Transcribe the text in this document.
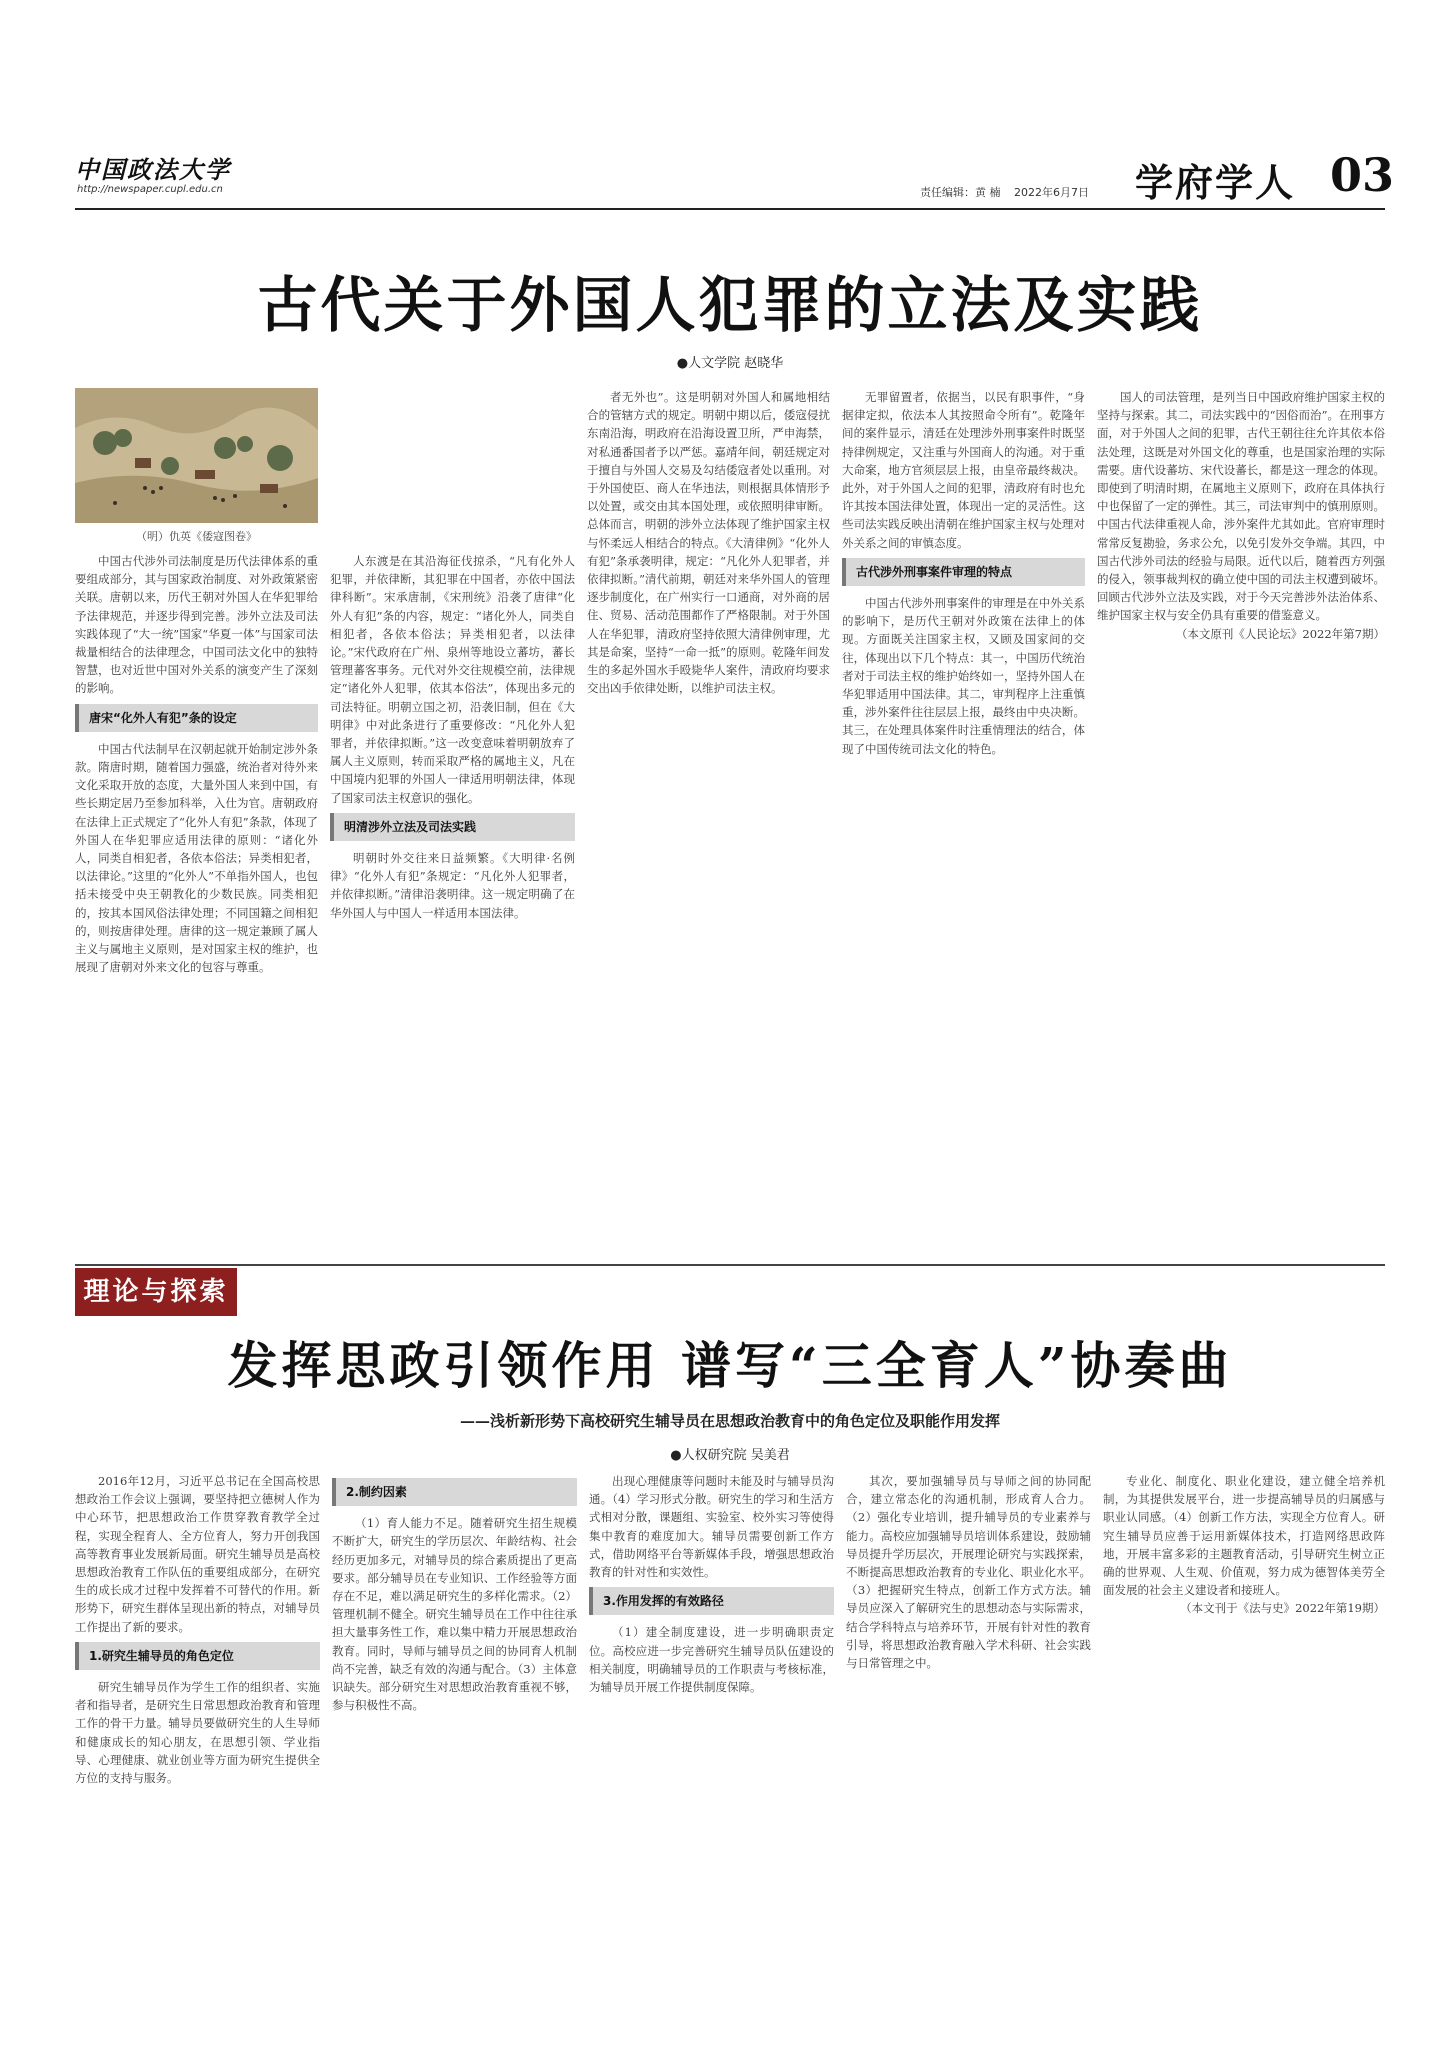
中国政法大学
http://newspaper.cupl.edu.cn	责任编辑：黄 楠 2022年6月7日 学府学人 03
古代关于外国人犯罪的立法及实践
●人文学院 赵晓华
（明）仇英《倭寇图卷》

中国古代涉外司法制度是历代法律体系的重要组成部分，其与国家政治制度、对外政策紧密关联。唐朝以来，历代王朝对外国人在华犯罪给予法律规范，并逐步得到完善。涉外立法及司法实践体现了“大一统”国家“华夏一体”与国家司法裁量相结合的法律理念，中国司法文化中的独特智慧，也对近世中国对外关系的演变产生了深刻的影响。

唐宋“化外人有犯”条的设定

中国古代法制早在汉朝起就开始制定涉外条款。隋唐时期，随着国力强盛，统治者对待外来文化采取开放的态度，大量外国人来到中国，有些长期定居乃至参加科举，入仕为官。唐朝政府在法律上正式规定了“化外人有犯”条款，体现了外国人在华犯罪应适用法律的原则：“诸化外人，同类自相犯者，各依本俗法；异类相犯者，以法律论。”这里的“化外人”不单指外国人，也包括未接受中央王朝教化的少数民族。同类相犯的，按其本国风俗法律处理；不同国籍之间相犯的，则按唐律处理。唐律的这一规定兼顾了属人主义与属地主义原则，是对国家主权的维护，也展现了唐朝对外来文化的包容与尊重。

人东渡是在其沿海征伐掠杀，“凡有化外人犯罪，并依律断，其犯罪在中国者，亦依中国法律科断”。宋承唐制，《宋刑统》沿袭了唐律“化外人有犯”条的内容，规定：“诸化外人，同类自相犯者，各依本俗法；异类相犯者，以法律论。”宋代政府在广州、泉州等地设立蕃坊，蕃长管理蕃客事务。元代对外交往规模空前，法律规定“诸化外人犯罪，依其本俗法”，体现出多元的司法特征。明朝立国之初，沿袭旧制，但在《大明律》中对此条进行了重要修改：“凡化外人犯罪者，并依律拟断。”这一改变意味着明朝放弃了属人主义原则，转而采取严格的属地主义，凡在中国境内犯罪的外国人一律适用明朝法律，体现了国家司法主权意识的强化。

明清涉外立法及司法实践

明朝时外交往来日益频繁。《大明律·名例律》“化外人有犯”条规定：“凡化外人犯罪者，并依律拟断。”清律沿袭明律。这一规定明确了在华外国人与中国人一样适用本国法律。

者无外也”。这是明朝对外国人和属地相结合的管辖方式的规定。明朝中期以后，倭寇侵扰东南沿海，明政府在沿海设置卫所，严申海禁，对私通番国者予以严惩。嘉靖年间，朝廷规定对于擅自与外国人交易及勾结倭寇者处以重刑。对于外国使臣、商人在华违法，则根据具体情形予以处置，或交由其本国处理，或依照明律审断。总体而言，明朝的涉外立法体现了维护国家主权与怀柔远人相结合的特点。《大清律例》“化外人有犯”条承袭明律，规定：“凡化外人犯罪者，并依律拟断。”清代前期，朝廷对来华外国人的管理逐步制度化，在广州实行一口通商，对外商的居住、贸易、活动范围都作了严格限制。对于外国人在华犯罪，清政府坚持依照大清律例审理，尤其是命案，坚持“一命一抵”的原则。乾隆年间发生的多起外国水手殴毙华人案件，清政府均要求交出凶手依律处断，以维护司法主权。

无罪留置者，依据当，以民有职事件，“身据律定拟，依法本人其按照命令所有”。乾隆年间的案件显示，清廷在处理涉外刑事案件时既坚持律例规定，又注重与外国商人的沟通。对于重大命案，地方官须层层上报，由皇帝最终裁决。此外，对于外国人之间的犯罪，清政府有时也允许其按本国法律处置，体现出一定的灵活性。这些司法实践反映出清朝在维护国家主权与处理对外关系之间的审慎态度。

古代涉外刑事案件审理的特点

中国古代涉外刑事案件的审理是在中外关系的影响下，是历代王朝对外政策在法律上的体现。方面既关注国家主权，又顾及国家间的交往，体现出以下几个特点：其一，中国历代统治者对于司法主权的维护始终如一，坚持外国人在华犯罪适用中国法律。其二，审判程序上注重慎重，涉外案件往往层层上报，最终由中央决断。其三，在处理具体案件时注重情理法的结合，体现了中国传统司法文化的特色。

国人的司法管理，是列当日中国政府维护国家主权的坚持与探索。其二，司法实践中的“因俗而治”。在刑事方面，对于外国人之间的犯罪，古代王朝往往允许其依本俗法处理，这既是对外国文化的尊重，也是国家治理的实际需要。唐代设蕃坊、宋代设蕃长，都是这一理念的体现。即使到了明清时期，在属地主义原则下，政府在具体执行中也保留了一定的弹性。其三，司法审判中的慎刑原则。中国古代法律重视人命，涉外案件尤其如此。官府审理时常常反复勘验，务求公允，以免引发外交争端。其四，中国古代涉外司法的经验与局限。近代以后，随着西方列强的侵入，领事裁判权的确立使中国的司法主权遭到破坏。回顾古代涉外立法及实践，对于今天完善涉外法治体系、维护国家主权与安全仍具有重要的借鉴意义。

（本文原刊《人民论坛》2022年第7期）

理论与探索
发挥思政引领作用 谱写“三全育人”协奏曲
——浅析新形势下高校研究生辅导员在思想政治教育中的角色定位及职能作用发挥
●人权研究院 吴美君

2016年12月，习近平总书记在全国高校思想政治工作会议上强调，要坚持把立德树人作为中心环节，把思想政治工作贯穿教育教学全过程，实现全程育人、全方位育人，努力开创我国高等教育事业发展新局面。研究生辅导员是高校思想政治教育工作队伍的重要组成部分，在研究生的成长成才过程中发挥着不可替代的作用。新形势下，研究生群体呈现出新的特点，对辅导员工作提出了新的要求。

1.研究生辅导员的角色定位

研究生辅导员作为学生工作的组织者、实施者和指导者，是研究生日常思想政治教育和管理工作的骨干力量。辅导员要做研究生的人生导师和健康成长的知心朋友，在思想引领、学业指导、心理健康、就业创业等方面为研究生提供全方位的支持与服务。

2.制约因素

（1）育人能力不足。随着研究生招生规模不断扩大，研究生的学历层次、年龄结构、社会经历更加多元，对辅导员的综合素质提出了更高要求。部分辅导员在专业知识、工作经验等方面存在不足，难以满足研究生的多样化需求。（2）管理机制不健全。研究生辅导员在工作中往往承担大量事务性工作，难以集中精力开展思想政治教育。同时，导师与辅导员之间的协同育人机制尚不完善，缺乏有效的沟通与配合。（3）主体意识缺失。部分研究生对思想政治教育重视不够，参与积极性不高。

出现心理健康等问题时未能及时与辅导员沟通。（4）学习形式分散。研究生的学习和生活方式相对分散，课题组、实验室、校外实习等使得集中教育的难度加大。辅导员需要创新工作方式，借助网络平台等新媒体手段，增强思想政治教育的针对性和实效性。

3.作用发挥的有效路径

（1）建全制度建设，进一步明确职责定位。高校应进一步完善研究生辅导员队伍建设的相关制度，明确辅导员的工作职责与考核标准，为辅导员开展工作提供制度保障。

其次，要加强辅导员与导师之间的协同配合，建立常态化的沟通机制，形成育人合力。（2）强化专业培训，提升辅导员的专业素养与能力。高校应加强辅导员培训体系建设，鼓励辅导员提升学历层次，开展理论研究与实践探索，不断提高思想政治教育的专业化、职业化水平。（3）把握研究生特点，创新工作方式方法。辅导员应深入了解研究生的思想动态与实际需求，结合学科特点与培养环节，开展有针对性的教育引导，将思想政治教育融入学术科研、社会实践与日常管理之中。

专业化、制度化、职业化建设，建立健全培养机制，为其提供发展平台，进一步提高辅导员的归属感与职业认同感。（4）创新工作方法，实现全方位育人。研究生辅导员应善于运用新媒体技术，打造网络思政阵地，开展丰富多彩的主题教育活动，引导研究生树立正确的世界观、人生观、价值观，努力成为德智体美劳全面发展的社会主义建设者和接班人。

（本文刊于《法与史》2022年第19期）
